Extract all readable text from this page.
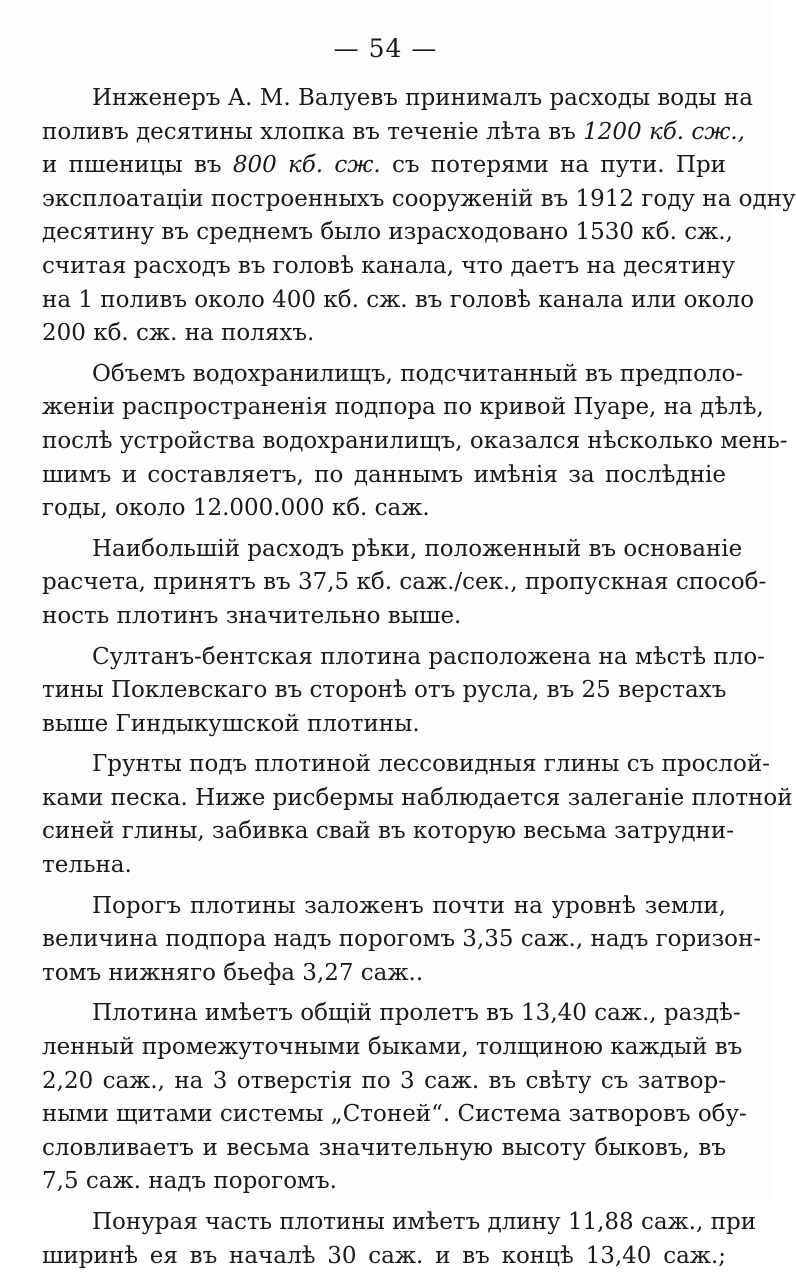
— 54 —
Инженеръ А. М. Валуевъ принималъ расходы воды на
поливъ десятины хлопка въ теченіе лѣта въ 1200 кб. сж.,
и пшеницы въ 800 кб. сж. съ потерями на пути. При
эксплоатаціи построенныхъ сооруженій въ 1912 году на одну
десятину въ среднемъ было израсходовано 1530 кб. сж.,
считая расходъ въ головѣ канала, что даетъ на десятину
на 1 поливъ около 400 кб. сж. въ головѣ канала или около
200 кб. сж. на поляхъ.
Объемъ водохранилищъ, подсчитанный въ предполо-
женіи распространенія подпора по кривой Пуаре, на дѣлѣ,
послѣ устройства водохранилищъ, оказался нѣсколько мень-
шимъ и составляетъ, по даннымъ имѣнія за послѣдніе
годы, около 12.000.000 кб. саж.
Наибольшій расходъ рѣки, положенный въ основаніе
расчета, принятъ въ 37,5 кб. саж./сек., пропускная способ-
ность плотинъ значительно выше.
Султанъ-бентская плотина расположена на мѣстѣ пло-
тины Поклевскаго въ сторонѣ отъ русла, въ 25 верстахъ
выше Гиндыкушской плотины.
Грунты подъ плотиной лессовидныя глины съ прослой-
ками песка. Ниже рисбермы наблюдается залеганіе плотной
синей глины, забивка свай въ которую весьма затрудни-
тельна.
Порогъ плотины заложенъ почти на уровнѣ земли,
величина подпора надъ порогомъ 3,35 саж., надъ горизон-
томъ нижняго бьефа 3,27 саж..
Плотина имѣетъ общій пролетъ въ 13,40 саж., раздѣ-
ленный промежуточными быками, толщиною каждый въ
2,20 саж., на 3 отверстія по 3 саж. въ свѣту съ затвор-
ными щитами системы „Стоней“. Система затворовъ обу-
словливаетъ и весьма значительную высоту быковъ, въ
7,5 саж. надъ порогомъ.
Понурая часть плотины имѣетъ длину 11,88 саж., при
ширинѣ ея въ началѣ 30 саж. и въ концѣ 13,40 саж.;
